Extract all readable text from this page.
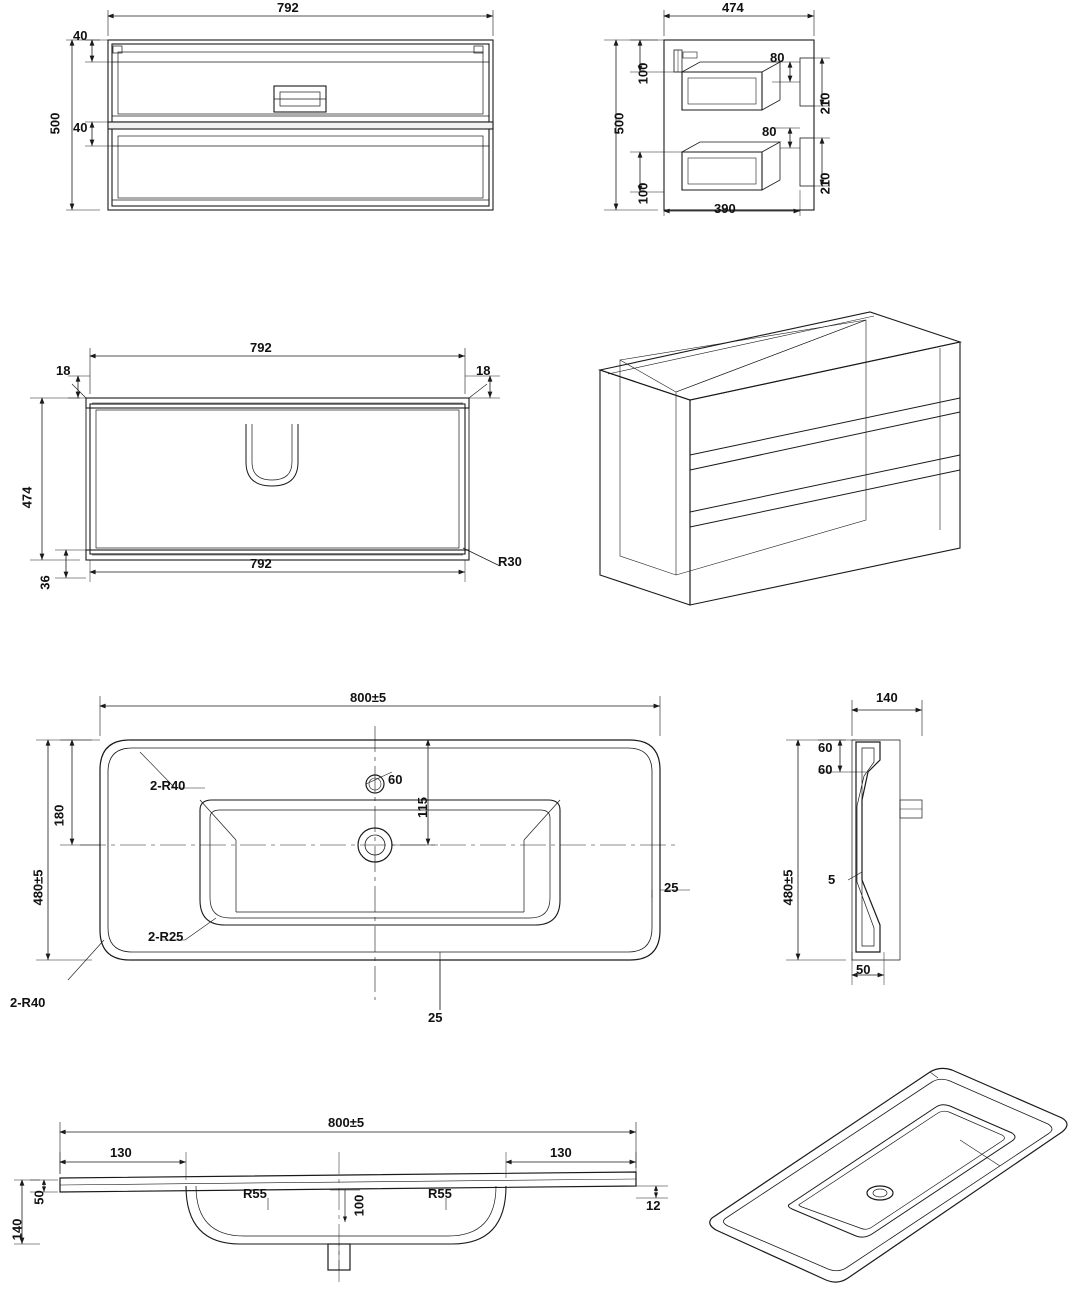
792
500
40
40
474
500
100
100
80
80
210
210
390
792
792
474
18	18
36
R30
800±5
480±5
180	115
60
25
25
2-R40
2-R25
2-R40
140
480±5
60
60
5
50
800±5
130	130
50
140
100	12
R55	R55
